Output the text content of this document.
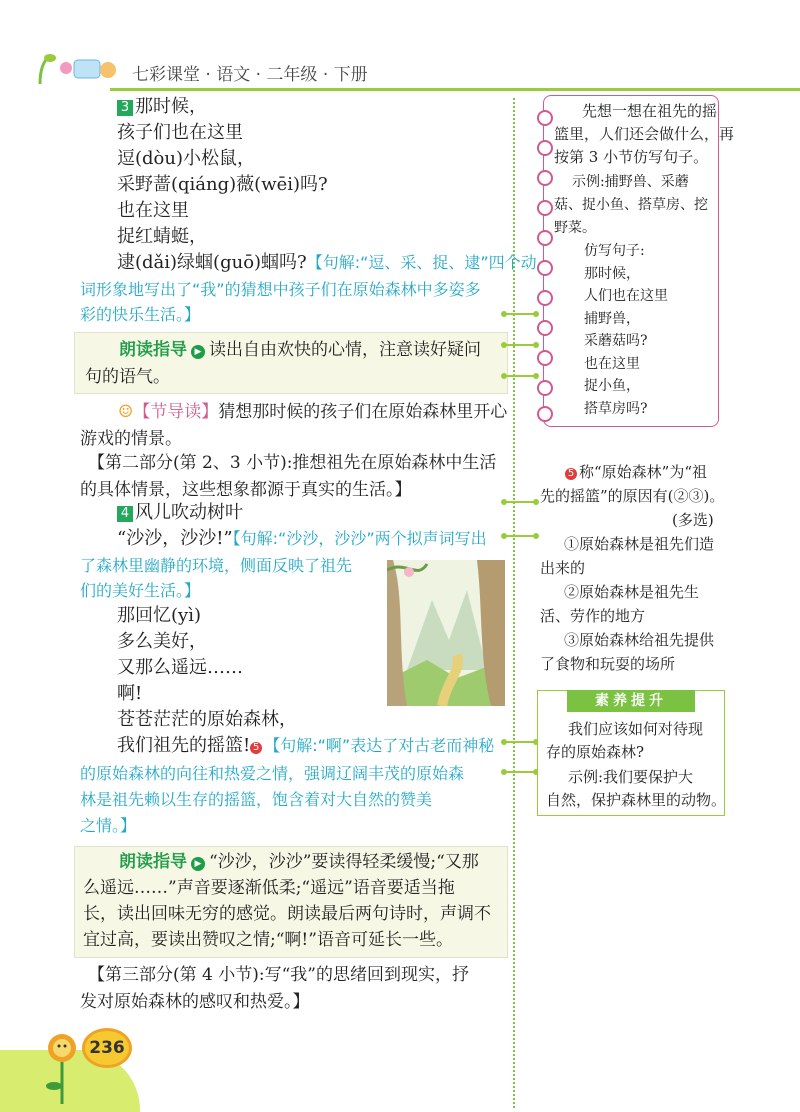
七彩课堂 · 语文 · 二年级 · 下册
3 那时候，
孩子们也在这里
逗(dòu)小松鼠，
采野蔷(qiáng)薇(wēi)吗?
也在这里
捉红蜻蜓，
逮(dǎi)绿蝈(guō)蝈吗?【句解:“逗、采、捉、逮”四个动
词形象地写出了“我”的猜想中孩子们在原始森林中多姿多
彩的快乐生活。】
朗读指导 ▶ 读出自由欢快的心情，注意读好疑问
句的语气。
☺【节导读】猜想那时候的孩子们在原始森林里开心
游戏的情景。
【第二部分(第 2、3 小节):推想祖先在原始森林中生活
的具体情景，这些想象都源于真实的生活。】
4 风儿吹动树叶
“沙沙，沙沙!”【句解:“沙沙，沙沙”两个拟声词写出
了森林里幽静的环境，侧面反映了祖先
们的美好生活。】
那回忆(yì)
多么美好，
又那么遥远……
啊!
苍苍茫茫的原始森林，
我们祖先的摇篮! 5 【句解:“啊”表达了对古老而神秘
的原始森林的向往和热爱之情，强调辽阔丰茂的原始森
林是祖先赖以生存的摇篮，饱含着对大自然的赞美
之情。】
朗读指导 ▶ “沙沙，沙沙”要读得轻柔缓慢;“又那
么遥远……”声音要逐渐低柔;“遥远”语音要适当拖
长，读出回味无穷的感觉。朗读最后两句诗时，声调不
宜过高，要读出赞叹之情;“啊!”语音可延长一些。
【第三部分(第 4 小节):写“我”的思绪回到现实，抒
发对原始森林的感叹和热爱。】
先想一想在祖先的摇
篮里，人们还会做什么，再
按第 3 小节仿写句子。
示例:捕野兽、采蘑
菇、捉小鱼、搭草房、挖
野菜。
仿写句子:
那时候，
人们也在这里
捕野兽，
采蘑菇吗?
也在这里
捉小鱼，
搭草房吗?
5 称“原始森林”为“祖
先的摇篮”的原因有(②③)。
(多选)
①原始森林是祖先们造
出来的
②原始森林是祖先生
活、劳作的地方
③原始森林给祖先提供
了食物和玩耍的场所
素养提升
我们应该如何对待现
存的原始森林?
示例:我们要保护大
自然，保护森林里的动物。
236
